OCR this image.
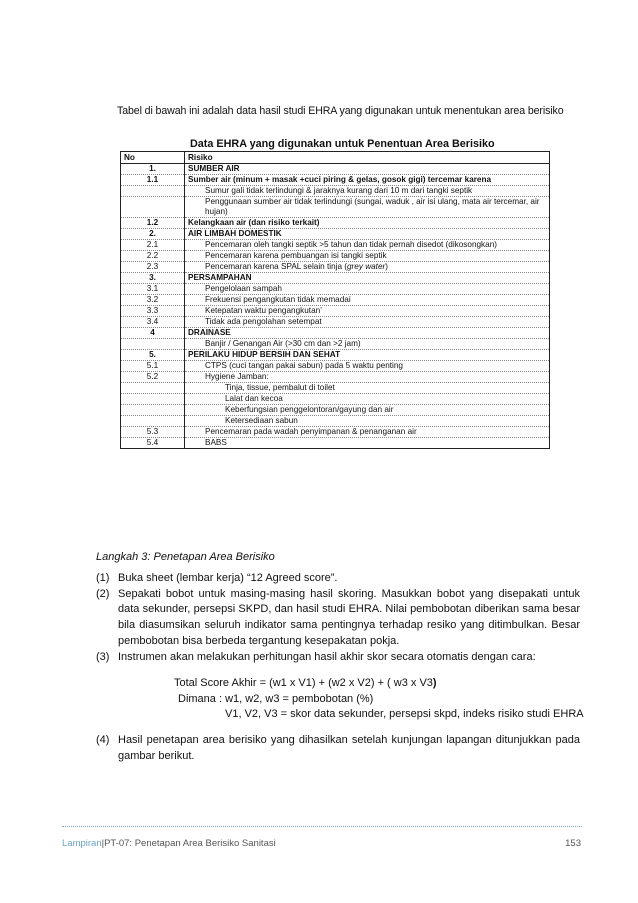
Tabel di bawah ini adalah data hasil studi EHRA yang digunakan untuk menentukan area berisiko
Data EHRA yang digunakan untuk Penentuan Area Berisiko
No	Risiko
1.	SUMBER AIR
1.1	Sumber air (minum + masak +cuci piring & gelas, gosok gigi) tercemar karena
	Sumur gali tidak terlindungi & jaraknya kurang dari 10 m dari tangki septik
	Penggunaan sumber air tidak terlindungi (sungai, waduk , air isi ulang, mata air tercemar, air hujan)
1.2	Kelangkaan air (dan risiko terkait)
2.	AIR LIMBAH DOMESTIK
2.1	Pencemaran oleh tangki septik >5 tahun dan tidak pernah disedot (dikosongkan)
2.2	Pencemaran karena pembuangan isi tangki septik
2.3	Pencemaran karena SPAL selain tinja (grey water)
3.	PERSAMPAHAN
3.1	Pengelolaan sampah
3.2	Frekuensi pengangkutan tidak memadai
3.3	Ketepatan waktu pengangkutan’
3.4	Tidak ada pengolahan setempat
4	DRAINASE
	Banjir / Genangan Air (>30 cm dan >2 jam)
5.	PERILAKU HIDUP BERSIH DAN SEHAT
5.1	CTPS (cuci tangan pakai sabun) pada 5 waktu penting
5.2	Hygiene Jamban:
	Tinja, tissue, pembalut di toilet
	Lalat dan kecoa
	Keberfungsian penggelontoran/gayung dan air
	Ketersediaan sabun
5.3	Pencemaran pada wadah penyimpanan & penanganan air
5.4	BABS
Langkah 3: Penetapan Area Berisiko
(1) Buka sheet (lembar kerja) “12 Agreed score”.
(2) Sepakati bobot untuk masing-masing hasil skoring. Masukkan bobot yang disepakati untuk data sekunder, persepsi SKPD, dan hasil studi EHRA. Nilai pembobotan diberikan sama besar bila diasumsikan seluruh indikator sama pentingnya terhadap resiko yang ditimbulkan. Besar pembobotan bisa berbeda tergantung kesepakatan pokja.
(3) Instrumen akan melakukan perhitungan hasil akhir skor secara otomatis dengan cara:
Total Score Akhir = (w1 x V1) + (w2 x V2) + ( w3 x V3)
Dimana : w1, w2, w3 = pembobotan (%)
V1, V2, V3 = skor data sekunder, persepsi skpd, indeks risiko studi EHRA
(4) Hasil penetapan area berisiko yang dihasilkan setelah kunjungan lapangan ditunjukkan pada gambar berikut.
Lampiran|PT-07: Penetapan Area Berisiko Sanitasi	153
